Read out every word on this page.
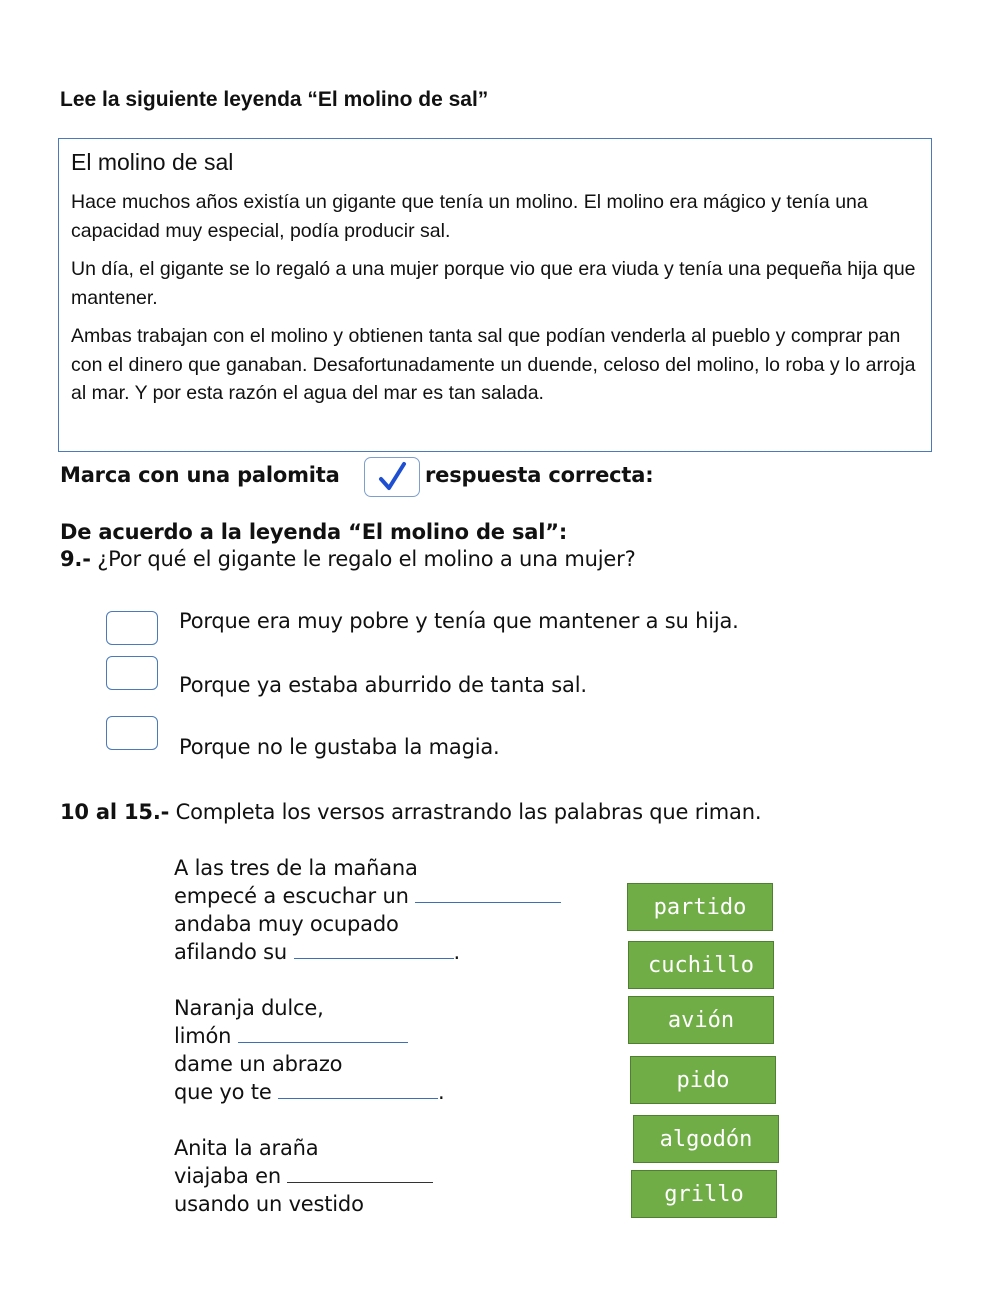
Lee la siguiente leyenda “El molino de sal”
El molino de sal

Hace muchos años existía un gigante que tenía un molino. El molino era mágico y tenía una capacidad muy especial, podía producir sal.

Un día, el gigante se lo regaló a una mujer porque vio que era viuda y tenía una pequeña hija que mantener.

Ambas trabajan con el molino y obtienen tanta sal que podían venderla al pueblo y comprar pan con el dinero que ganaban. Desafortunadamente un duende, celoso del molino, lo roba y lo arroja al mar. Y por esta razón el agua del mar es tan salada.

Marca con una palomita	respuesta correcta:
De acuerdo a la leyenda “El molino de sal”:
9.- ¿Por qué el gigante le regalo el molino a una mujer?
Porque era muy pobre y tenía que mantener a su hija.
Porque ya estaba aburrido de tanta sal.
Porque no le gustaba la magia.
10 al 15.- Completa los versos arrastrando las palabras que riman.
A las tres de la mañana
empecé a escuchar un
andaba muy ocupado
afilando su	.
Naranja dulce,
limón
dame un abrazo
que yo te	.
Anita la araña
viajaba en
usando un vestido
partido
cuchillo
avión
pido
algodón
grillo
